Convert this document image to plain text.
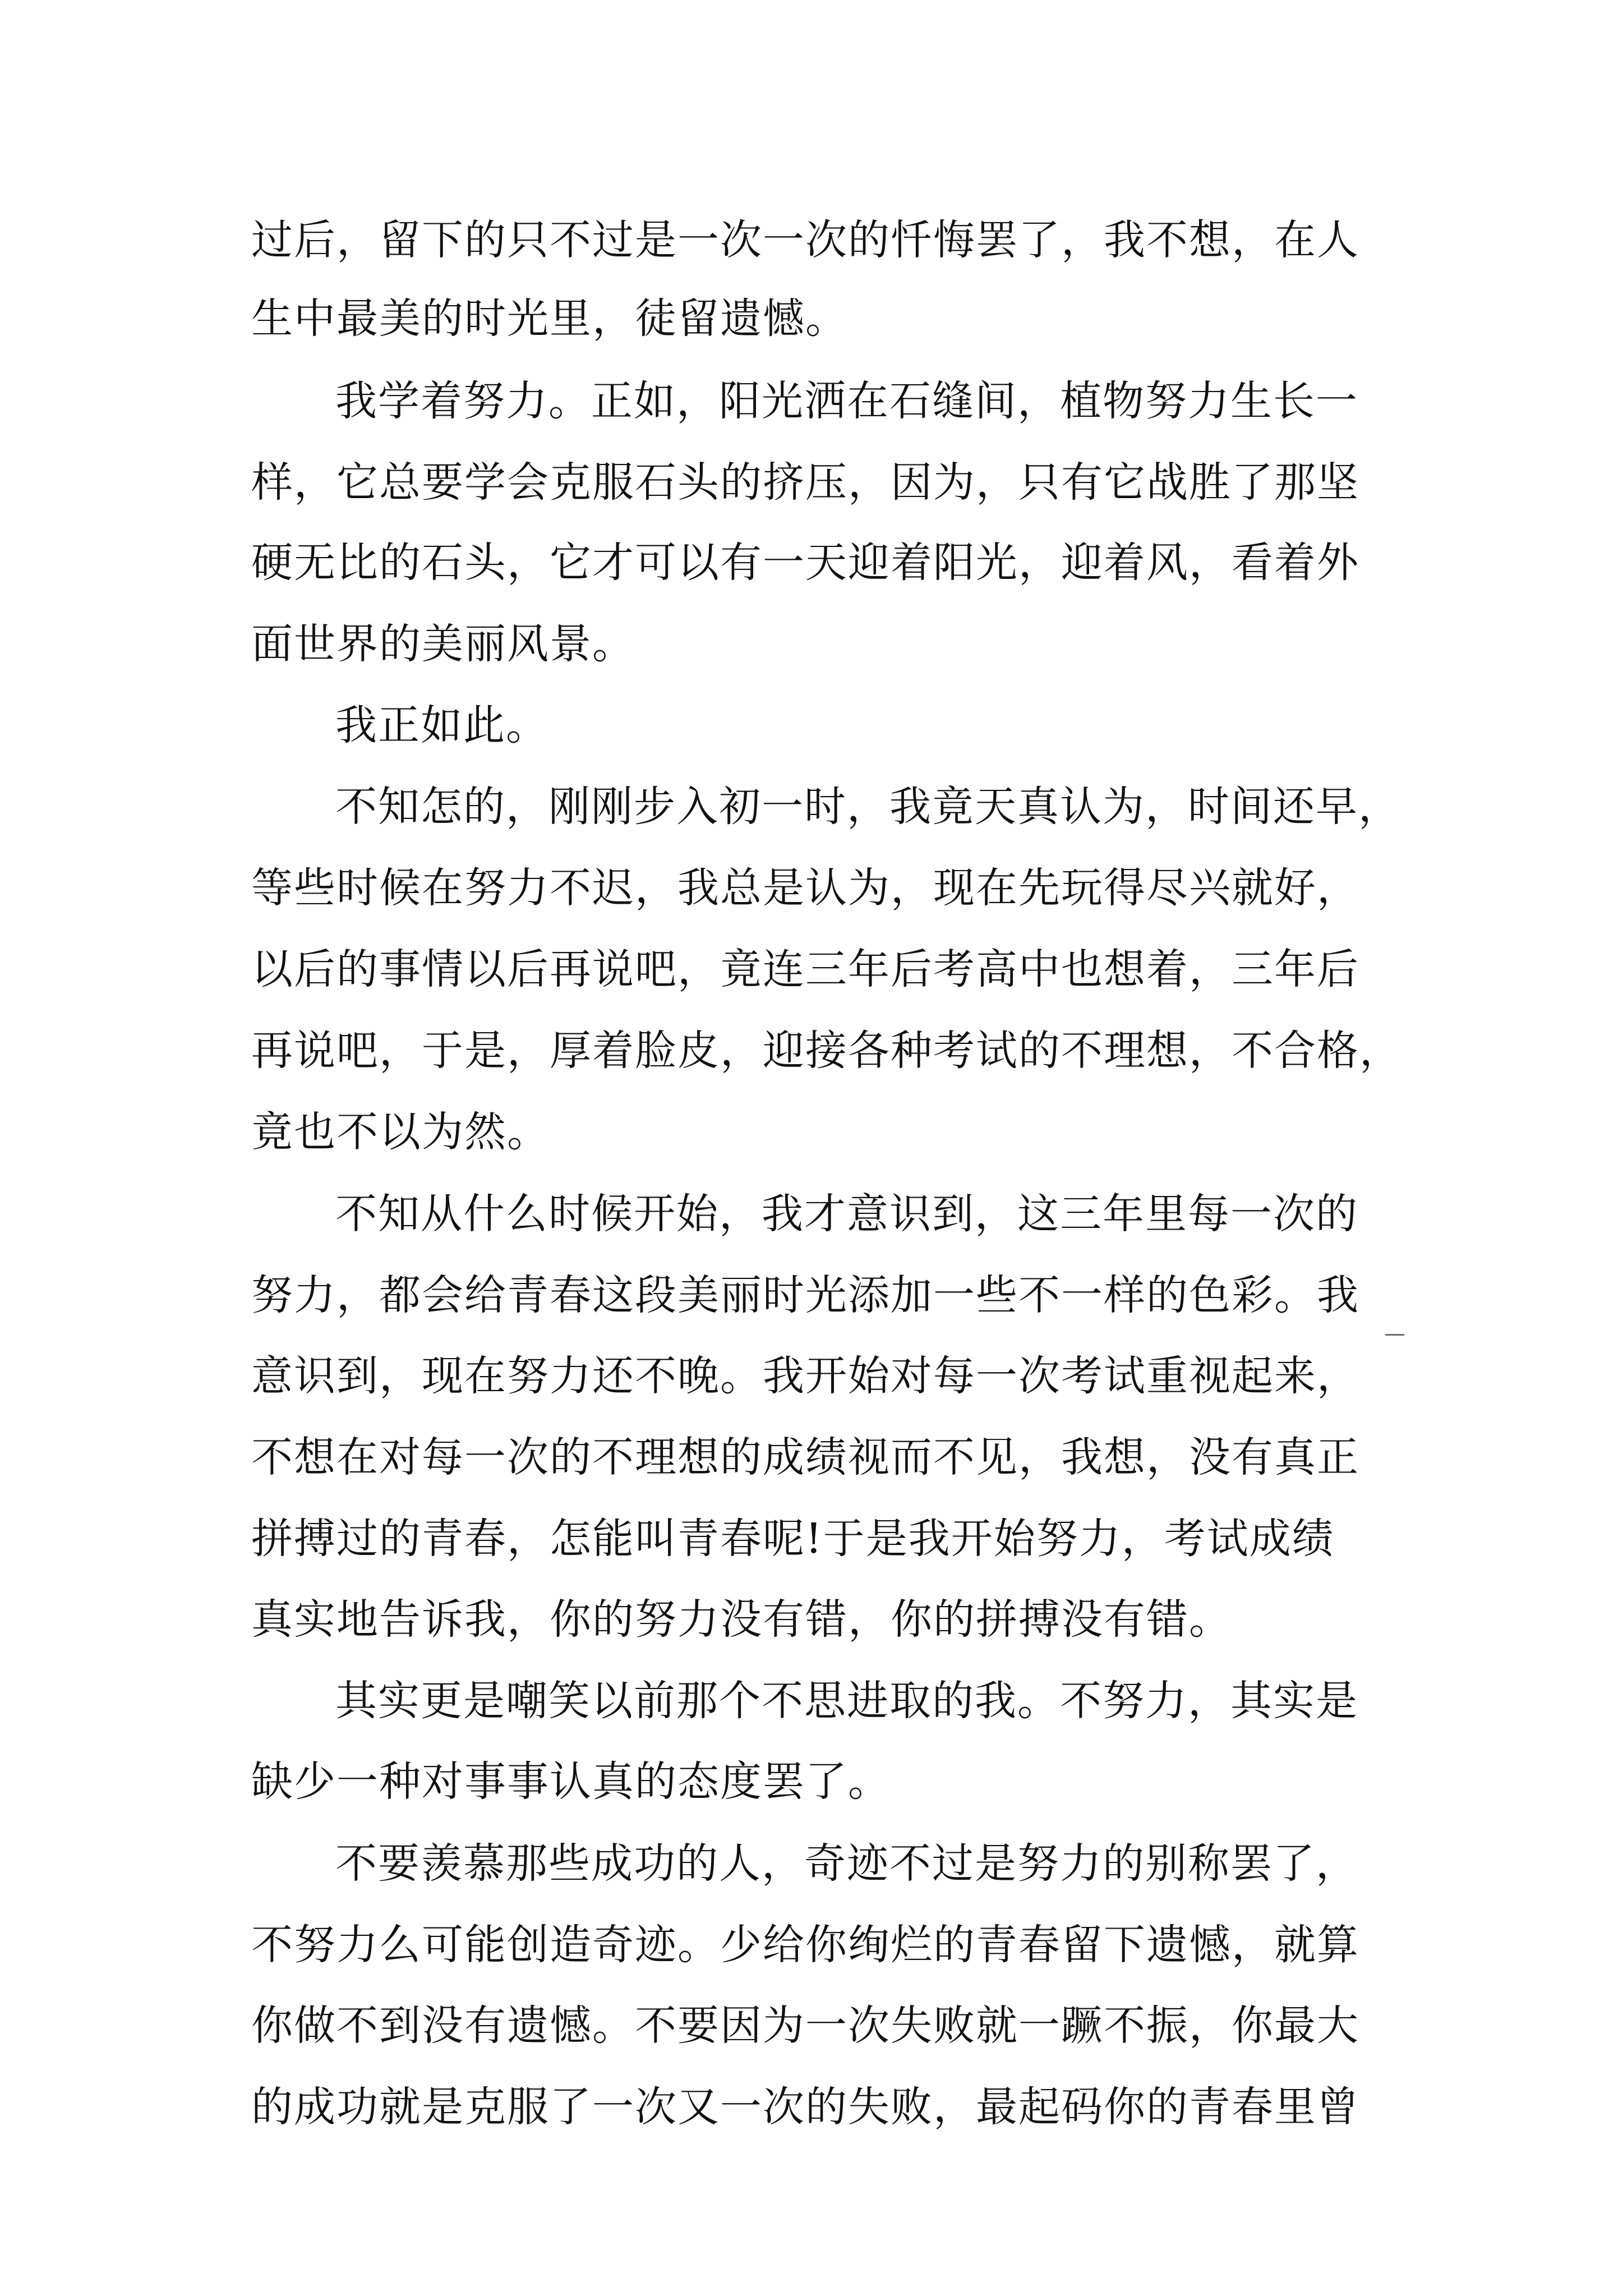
过后，留下的只不过是一次一次的忏悔罢了，我不想，在人
生中最美的时光里，徒留遗憾。
我学着努力。正如，阳光洒在石缝间，植物努力生长一
样，它总要学会克服石头的挤压，因为，只有它战胜了那坚
硬无比的石头，它才可以有一天迎着阳光，迎着风，看着外
面世界的美丽风景。
我正如此。
不知怎的，刚刚步入初一时，我竟天真认为，时间还早，
等些时候在努力不迟，我总是认为，现在先玩得尽兴就好，
以后的事情以后再说吧，竟连三年后考高中也想着，三年后
再说吧，于是，厚着脸皮，迎接各种考试的不理想，不合格，
竟也不以为然。
不知从什么时候开始，我才意识到，这三年里每一次的
努力，都会给青春这段美丽时光添加一些不一样的色彩。我
意识到，现在努力还不晚。我开始对每一次考试重视起来，
不想在对每一次的不理想的成绩视而不见，我想，没有真正
拼搏过的青春，怎能叫青春呢!于是我开始努力，考试成绩
真实地告诉我，你的努力没有错，你的拼搏没有错。
其实更是嘲笑以前那个不思进取的我。不努力，其实是
缺少一种对事事认真的态度罢了。
不要羡慕那些成功的人，奇迹不过是努力的别称罢了，
不努力么可能创造奇迹。少给你绚烂的青春留下遗憾，就算
你做不到没有遗憾。不要因为一次失败就一蹶不振，你最大
的成功就是克服了一次又一次的失败，最起码你的青春里曾
